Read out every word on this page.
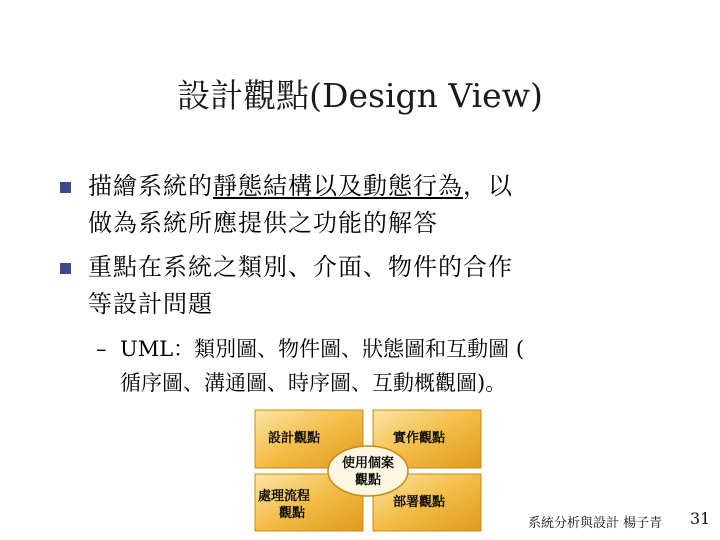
設計觀點(Design View)
描繪系統的靜態結構以及動態行為，以
做為系統所應提供之功能的解答
重點在系統之類別、介面、物件的合作
等設計問題
– UML：類別圖、物件圖、狀態圖和互動圖 (
循序圖、溝通圖、時序圖、互動概觀圖)。
設計觀點	實作觀點
使用個案
觀點
處理流程
觀點
部署觀點
系統分析與設計 楊子青 31
